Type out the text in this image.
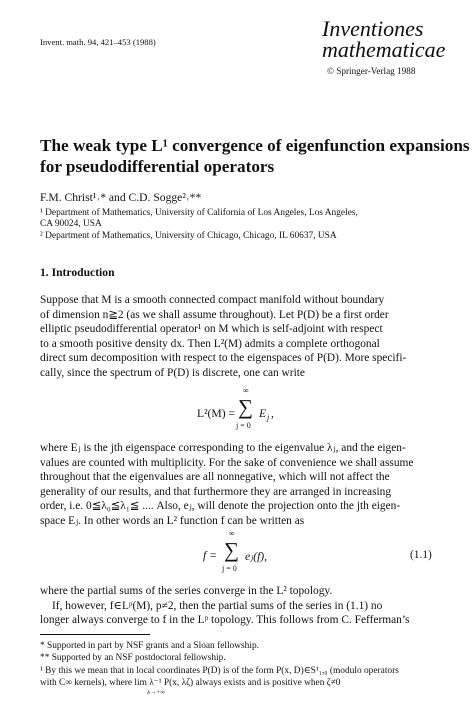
Invent. math. 94, 421–453 (1988)
Inventiones
mathematicae
© Springer-Verlag 1988
The weak type L¹ convergence of eigenfunction expansions
for pseudodifferential operators
F.M. Christ¹˒* and C.D. Sogge²˒**
¹ Department of Mathematics, University of California of Los Angeles, Los Angeles,
CA 90024, USA
² Department of Mathematics, University of Chicago, Chicago, IL 60637, USA
1. Introduction
Suppose that M is a smooth connected compact manifold without boundary
of dimension n≧2 (as we shall assume throughout). Let P(D) be a first order
elliptic pseudodifferential operator¹ on M which is self-adjoint with respect
to a smooth positive density dx. Then L²(M) admits a complete orthogonal
direct sum decomposition with respect to the eigenspaces of P(D). More specifi-
cally, since the spectrum of P(D) is discrete, one can write
L²(M) =
∞
∑
j = 0
E j ,
where Eⱼ is the jth eigenspace corresponding to the eigenvalue λⱼ, and the eigen-
values are counted with multiplicity. For the sake of convenience we shall assume
throughout that the eigenvalues are all nonnegative, which will not affect the
generality of our results, and that furthermore they are arranged in increasing
order, i.e. 0≦λ₀≦λ₁≦ .... Also, eⱼ, will denote the projection onto the jth eigen-
space Eⱼ. In other words an L² function f can be written as
f =
∞
∑
j = 0
eⱼ(f),	(1.1)
where the partial sums of the series converge in the L² topology.
If, however, f∈Lᵖ(M), p≠2, then the partial sums of the series in (1.1) no
longer always converge to f in the Lᵖ topology. This follows from C. Fefferman’s
* Supported in part by NSF grants and a Sloan fellowship.
** Supported by an NSF postdoctoral fellowship.
¹ By this we mean that in local coordinates P(D) is of the form P(x, D)∈S¹₁,₀ (modulo operators
with C∞ kernels), where lim λ⁻¹ P(x, λζ) always exists and is positive when ζ≠0
λ→+∞
